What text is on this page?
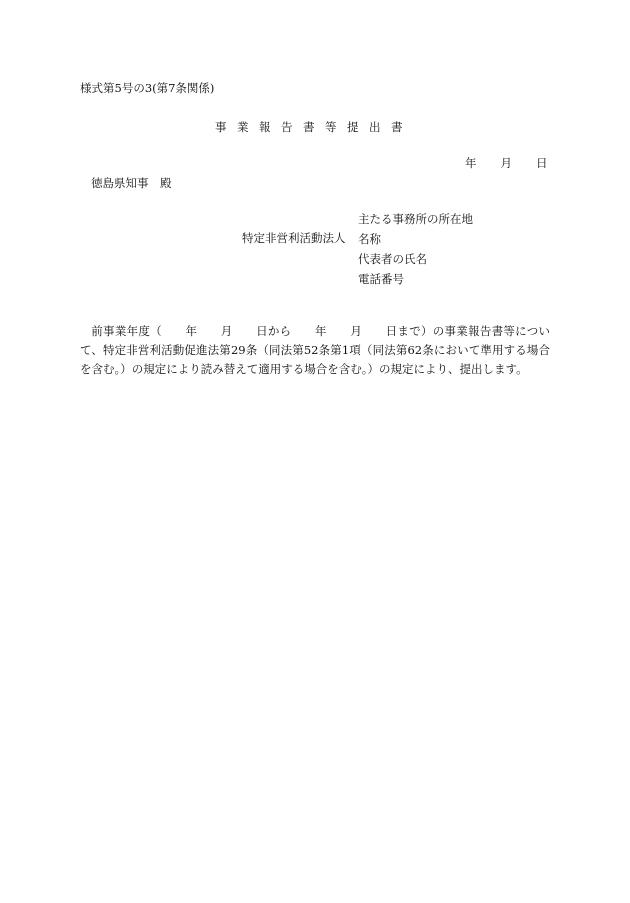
様式第5号の3(第7条関係)
事 業 報 告 書 等 提 出 書
年 月 日
徳島県知事　殿
特定非営利活動法人
主たる事務所の所在地
名称
代表者の氏名
電話番号
前事業年度（　　年　　月　　日から　　年　　月　　日まで）の事業報告書等について、特定非営利活動促進法第29条（同法第52条第1項（同法第62条において準用する場合を含む。）の規定により読み替えて適用する場合を含む。）の規定により、提出します。
